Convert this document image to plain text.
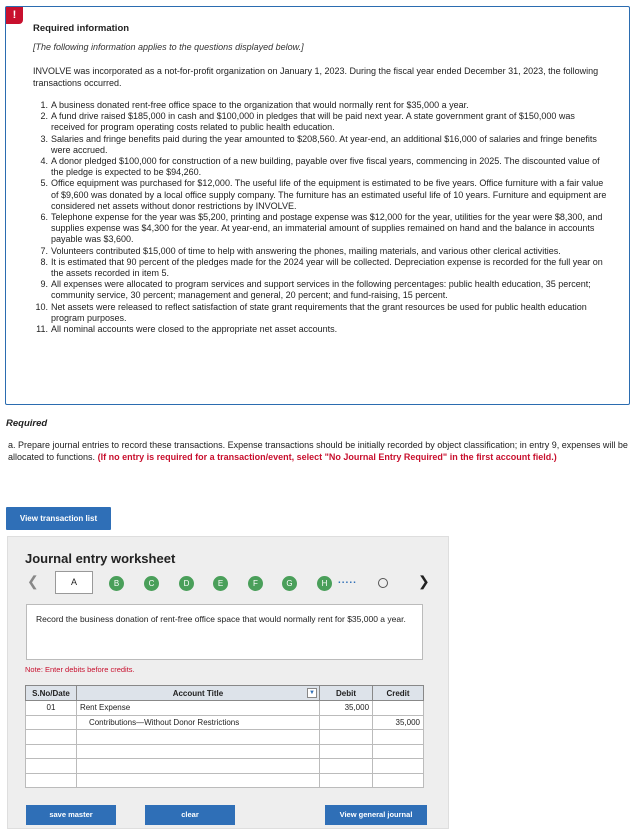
!
Required information
[The following information applies to the questions displayed below.]
INVOLVE was incorporated as a not-for-profit organization on January 1, 2023. During the fiscal year ended December 31, 2023, the following transactions occurred.
1. A business donated rent-free office space to the organization that would normally rent for $35,000 a year.
2. A fund drive raised $185,000 in cash and $100,000 in pledges that will be paid next year. A state government grant of $150,000 was received for program operating costs related to public health education.
3. Salaries and fringe benefits paid during the year amounted to $208,560. At year-end, an additional $16,000 of salaries and fringe benefits were accrued.
4. A donor pledged $100,000 for construction of a new building, payable over five fiscal years, commencing in 2025. The discounted value of the pledge is expected to be $94,260.
5. Office equipment was purchased for $12,000. The useful life of the equipment is estimated to be five years. Office furniture with a fair value of $9,600 was donated by a local office supply company. The furniture has an estimated useful life of 10 years. Furniture and equipment are considered net assets without donor restrictions by INVOLVE.
6. Telephone expense for the year was $5,200, printing and postage expense was $12,000 for the year, utilities for the year were $8,300, and supplies expense was $4,300 for the year. At year-end, an immaterial amount of supplies remained on hand and the balance in accounts payable was $3,600.
7. Volunteers contributed $15,000 of time to help with answering the phones, mailing materials, and various other clerical activities.
8. It is estimated that 90 percent of the pledges made for the 2024 year will be collected. Depreciation expense is recorded for the full year on the assets recorded in item 5.
9. All expenses were allocated to program services and support services in the following percentages: public health education, 35 percent; community service, 30 percent; management and general, 20 percent; and fund-raising, 15 percent.
10. Net assets were released to reflect satisfaction of state grant requirements that the grant resources be used for public health education program purposes.
11. All nominal accounts were closed to the appropriate net asset accounts.
Required
a. Prepare journal entries to record these transactions. Expense transactions should be initially recorded by object classification; in entry 9, expenses will be allocated to functions. (If no entry is required for a transaction/event, select "No Journal Entry Required" in the first account field.)
View transaction list
Journal entry worksheet
❮	A	B	C	D	E	F	G	H	.....	❯
Record the business donation of rent-free office space that would normally rent for $35,000 a year.
Note: Enter debits before credits.
S.No/Date	Account Title ▼	Debit	Credit
01	Rent Expense	35,000	
	Contributions—Without Donor Restrictions		35,000

save master	clear	View general journal
